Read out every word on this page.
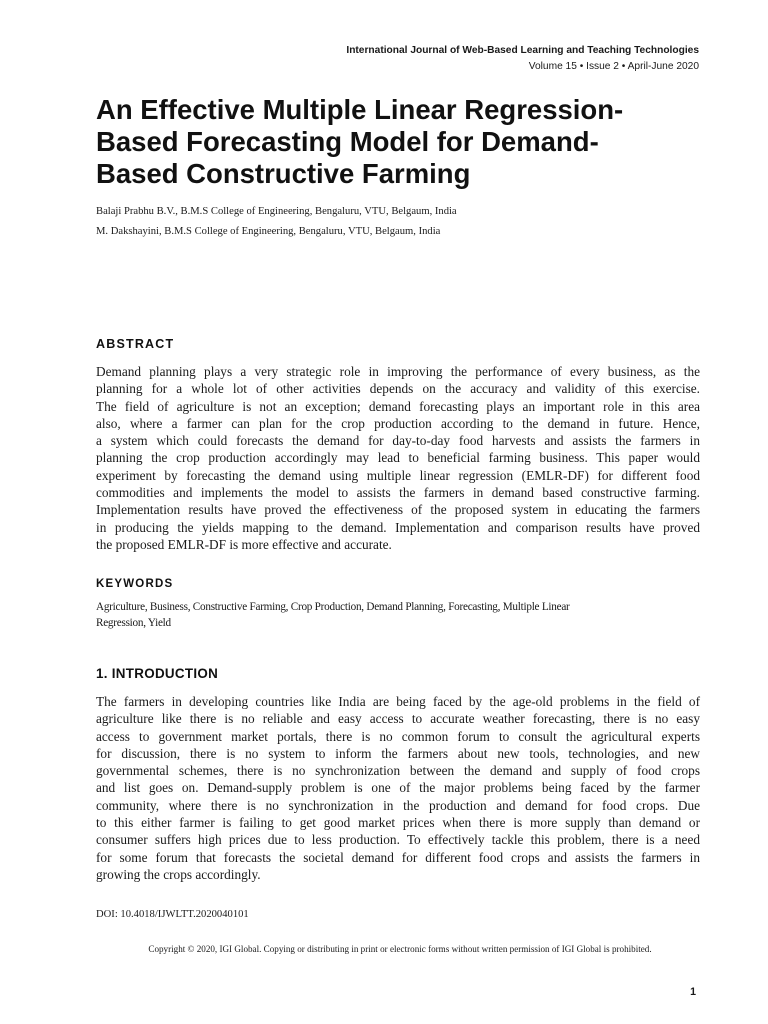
International Journal of Web-Based Learning and Teaching Technologies

Volume 15 • Issue 2 • April-June 2020

An Effective Multiple Linear Regression-
Based Forecasting Model for Demand-
Based Constructive Farming

Balaji Prabhu B.V., B.M.S College of Engineering, Bengaluru, VTU, Belgaum, India

M. Dakshayini, B.M.S College of Engineering, Bengaluru, VTU, Belgaum, India

ABSTRACT
Demand planning plays a very strategic role in improving the performance of every business, as the
planning for a whole lot of other activities depends on the accuracy and validity of this exercise.
The field of agriculture is not an exception; demand forecasting plays an important role in this area
also, where a farmer can plan for the crop production according to the demand in future. Hence,
a system which could forecasts the demand for day-to-day food harvests and assists the farmers in
planning the crop production accordingly may lead to beneficial farming business. This paper would
experiment by forecasting the demand using multiple linear regression (EMLR-DF) for different food
commodities and implements the model to assists the farmers in demand based constructive farming.
Implementation results have proved the effectiveness of the proposed system in educating the farmers
in producing the yields mapping to the demand. Implementation and comparison results have proved
the proposed EMLR-DF is more effective and accurate.
KEYWORDS
Agriculture, Business, Constructive Farming, Crop Production, Demand Planning, Forecasting, Multiple Linear
Regression, Yield
1. INTRODUCTION
The farmers in developing countries like India are being faced by the age-old problems in the field of
agriculture like there is no reliable and easy access to accurate weather forecasting, there is no easy
access to government market portals, there is no common forum to consult the agricultural experts
for discussion, there is no system to inform the farmers about new tools, technologies, and new
governmental schemes, there is no synchronization between the demand and supply of food crops
and list goes on. Demand-supply problem is one of the major problems being faced by the farmer
community, where there is no synchronization in the production and demand for food crops. Due
to this either farmer is failing to get good market prices when there is more supply than demand or
consumer suffers high prices due to less production. To effectively tackle this problem, there is a need
for some forum that forecasts the societal demand for different food crops and assists the farmers in
growing the crops accordingly.

DOI: 10.4018/IJWLTT.2020040101

Copyright © 2020, IGI Global. Copying or distributing in print or electronic forms without written permission of IGI Global is prohibited.

1
